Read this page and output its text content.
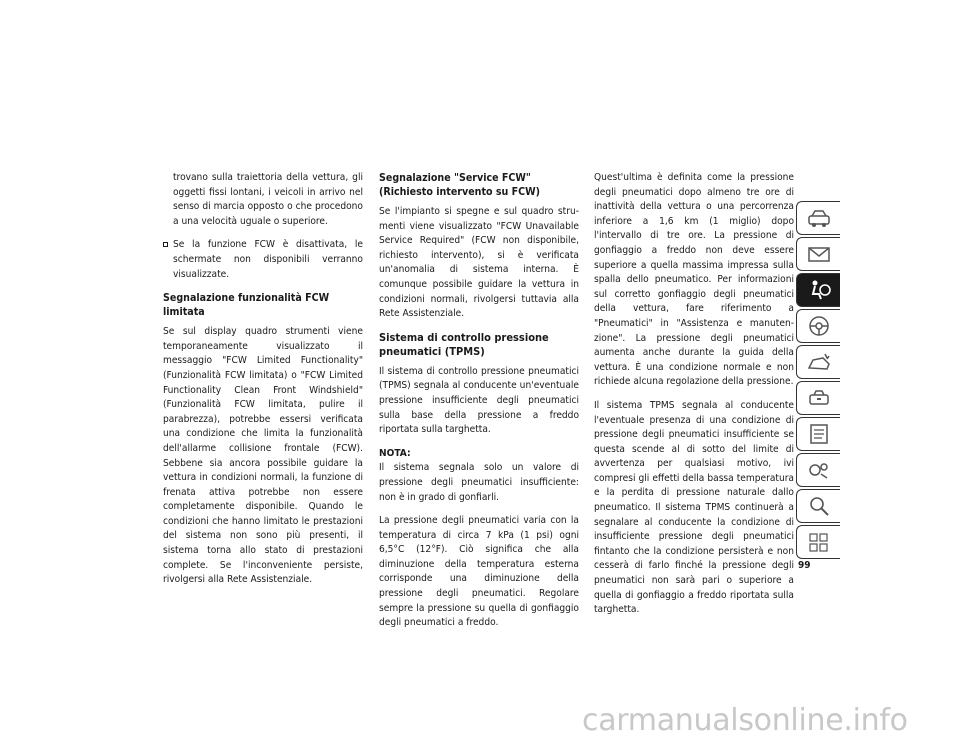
trovano sulla traiettoria della vettura, gli oggetti fissi lontani, i veicoli in arrivo nel senso di marcia opposto o che procedono a una velocità uguale o superiore.

Se la funzione FCW è disattivata, le schermate non disponibili verranno visualizzate.
Segnalazione funzionalità FCW limitata

Se sul display quadro strumenti viene temporaneamente visualizzato il messaggio "FCW Limited Functionality" (Funzionalità FCW limitata) o "FCW Limited Functionality Clean Front Windshield" (Funzionalità FCW limitata, pulire il parabrezza), potrebbe essersi verificata una condizione che limita la funzionalità dell'allarme collisione frontale (FCW). Sebbene sia ancora possibile guidare la vettura in condizioni normali, la funzione di frenata attiva potrebbe non essere completamente disponibile. Quando le condizioni che hanno limitato le prestazioni del sistema non sono più presenti, il sistema torna allo stato di prestazioni complete. Se l'inconveniente persiste, rivolgersi alla Rete Assistenziale.

Segnalazione "Service FCW" (Richiesto intervento su FCW)

Se l'impianto si spegne e sul quadro strumenti viene visualizzato "FCW Unavailable Service Required" (FCW non disponibile, richiesto intervento), si è verificata un'anomalia di sistema interna. È comunque possibile guidare la vettura in condizioni normali, rivolgersi tuttavia alla Rete Assistenziale.

Sistema di controllo pressione pneumatici (TPMS)

Il sistema di controllo pressione pneumatici (TPMS) segnala al conducente un'eventuale pressione insufficiente degli pneumatici sulla base della pressione a freddo riportata sulla targhetta.

NOTA:

Il sistema segnala solo un valore di pressione degli pneumatici insufficiente: non è in grado di gonfiarli.

La pressione degli pneumatici varia con la temperatura di circa 7 kPa (1 psi) ogni 6,5°C (12°F). Ciò significa che alla diminuzione della temperatura esterna corrisponde una diminuzione della pressione degli pneumatici. Regolare sempre la pressione su quella di gonfiaggio degli pneumatici a freddo.

Quest'ultima è definita come la pressione degli pneumatici dopo almeno tre ore di inattività della vettura o una percorrenza inferiore a 1,6 km (1 miglio) dopo l'intervallo di tre ore. La pressione di gonfiaggio a freddo non deve essere superiore a quella massima impressa sulla spalla dello pneumatico. Per informazioni sul corretto gonfiaggio degli pneumatici della vettura, fare riferimento a "Pneumatici" in "Assistenza e manutenzione". La pressione degli pneumatici aumenta anche durante la guida della vettura. È una condizione normale e non richiede alcuna regolazione della pressione.

Il sistema TPMS segnala al conducente l'eventuale presenza di una condizione di pressione degli pneumatici insufficiente se questa scende al di sotto del limite di avvertenza per qualsiasi motivo, ivi compresi gli effetti della bassa temperatura e la perdita di pressione naturale dallo pneumatico. Il sistema TPMS continuerà a segnalare al conducente la condizione di insufficiente pressione degli pneumatici fintanto che la condizione persisterà e non cesserà di farlo finché la pressione degli pneumatici non sarà pari o superiore a quella di gonfiaggio a freddo riportata sulla targhetta.

99
carmanualsonline.info
